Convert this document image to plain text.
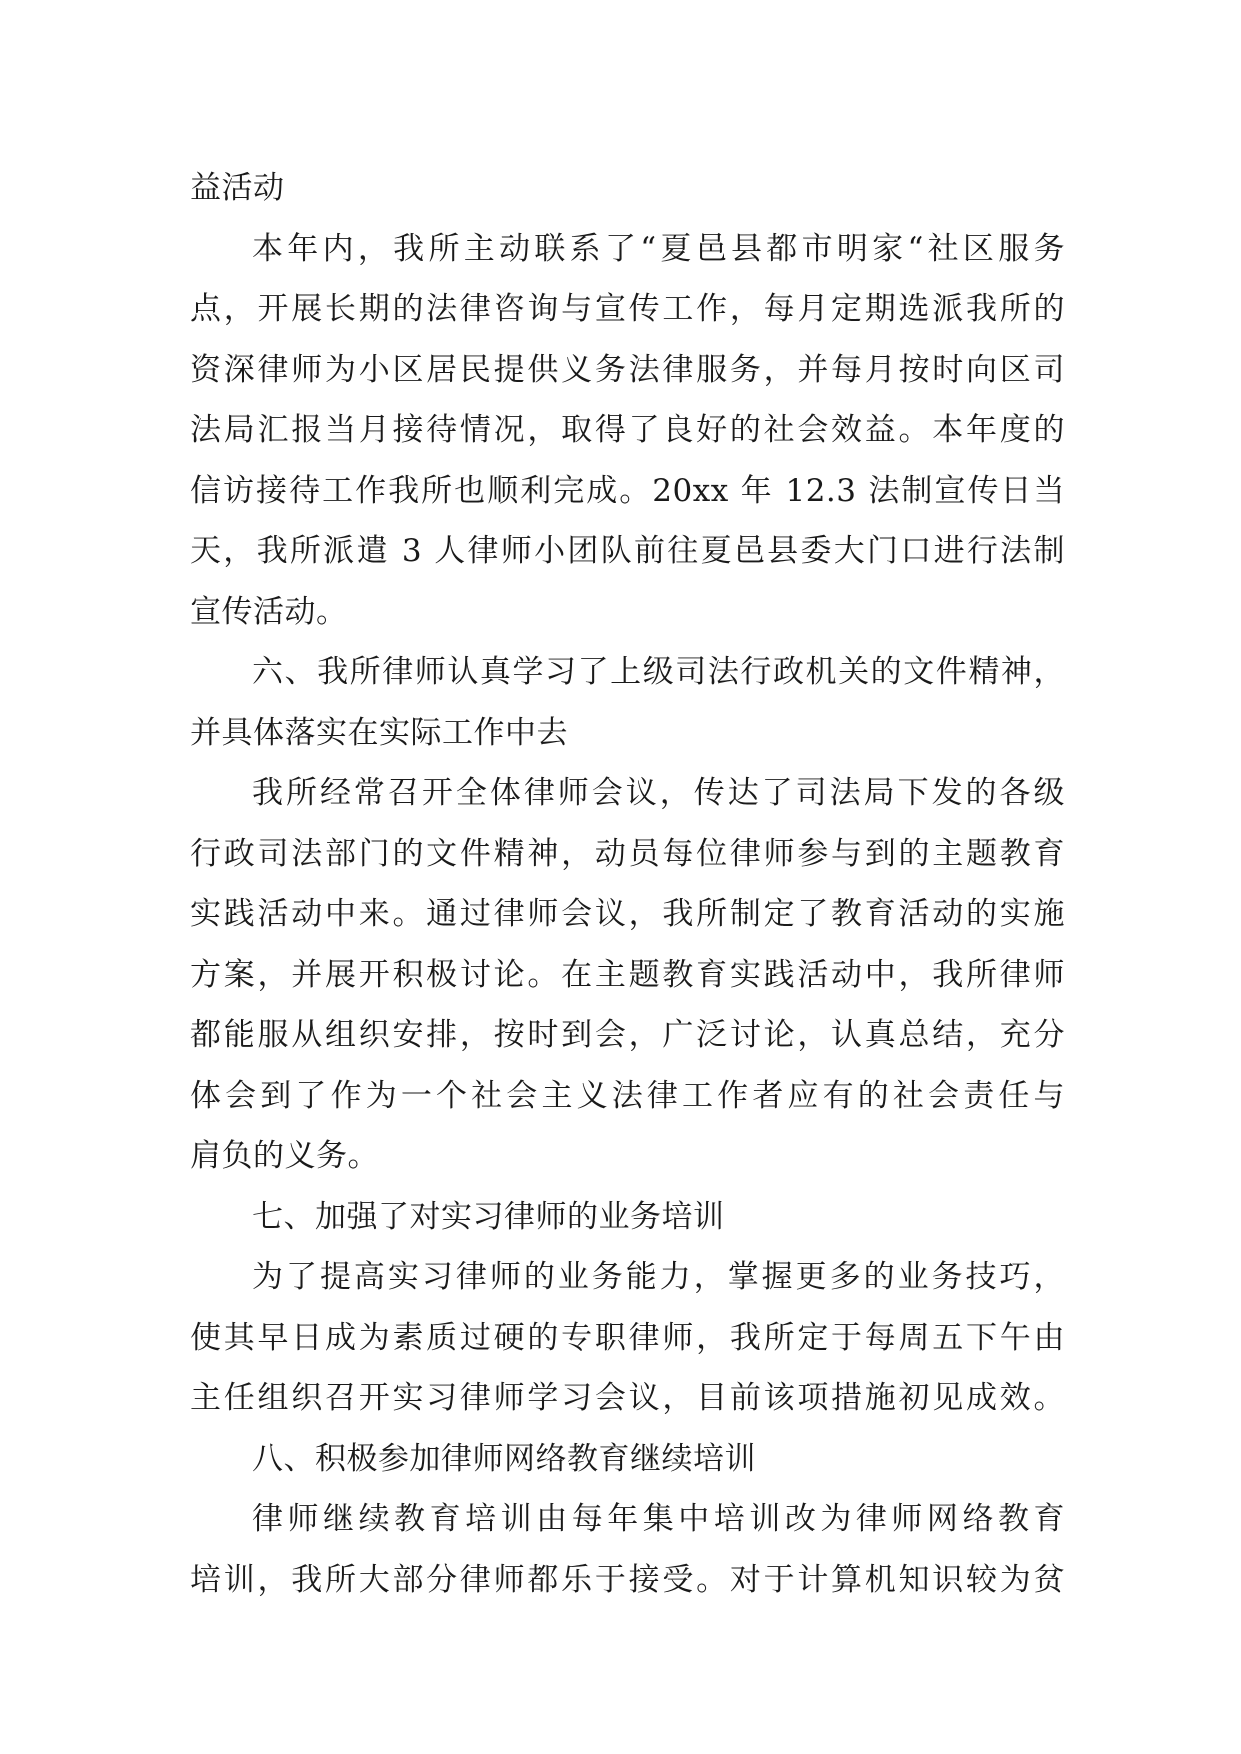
益活动
本年内，我所主动联系了“夏邑县都市明家“社区服务
点，开展长期的法律咨询与宣传工作，每月定期选派我所的
资深律师为小区居民提供义务法律服务，并每月按时向区司
法局汇报当月接待情况，取得了良好的社会效益。本年度的
信访接待工作我所也顺利完成。20xx 年 12.3 法制宣传日当
天，我所派遣 3 人律师小团队前往夏邑县委大门口进行法制
宣传活动。
六、我所律师认真学习了上级司法行政机关的文件精神，
并具体落实在实际工作中去
我所经常召开全体律师会议，传达了司法局下发的各级
行政司法部门的文件精神，动员每位律师参与到的主题教育
实践活动中来。通过律师会议，我所制定了教育活动的实施
方案，并展开积极讨论。在主题教育实践活动中，我所律师
都能服从组织安排，按时到会，广泛讨论，认真总结，充分
体会到了作为一个社会主义法律工作者应有的社会责任与
肩负的义务。
七、加强了对实习律师的业务培训
为了提高实习律师的业务能力，掌握更多的业务技巧，
使其早日成为素质过硬的专职律师，我所定于每周五下午由
主任组织召开实习律师学习会议，目前该项措施初见成效。
八、积极参加律师网络教育继续培训
律师继续教育培训由每年集中培训改为律师网络教育
培训，我所大部分律师都乐于接受。对于计算机知识较为贫
